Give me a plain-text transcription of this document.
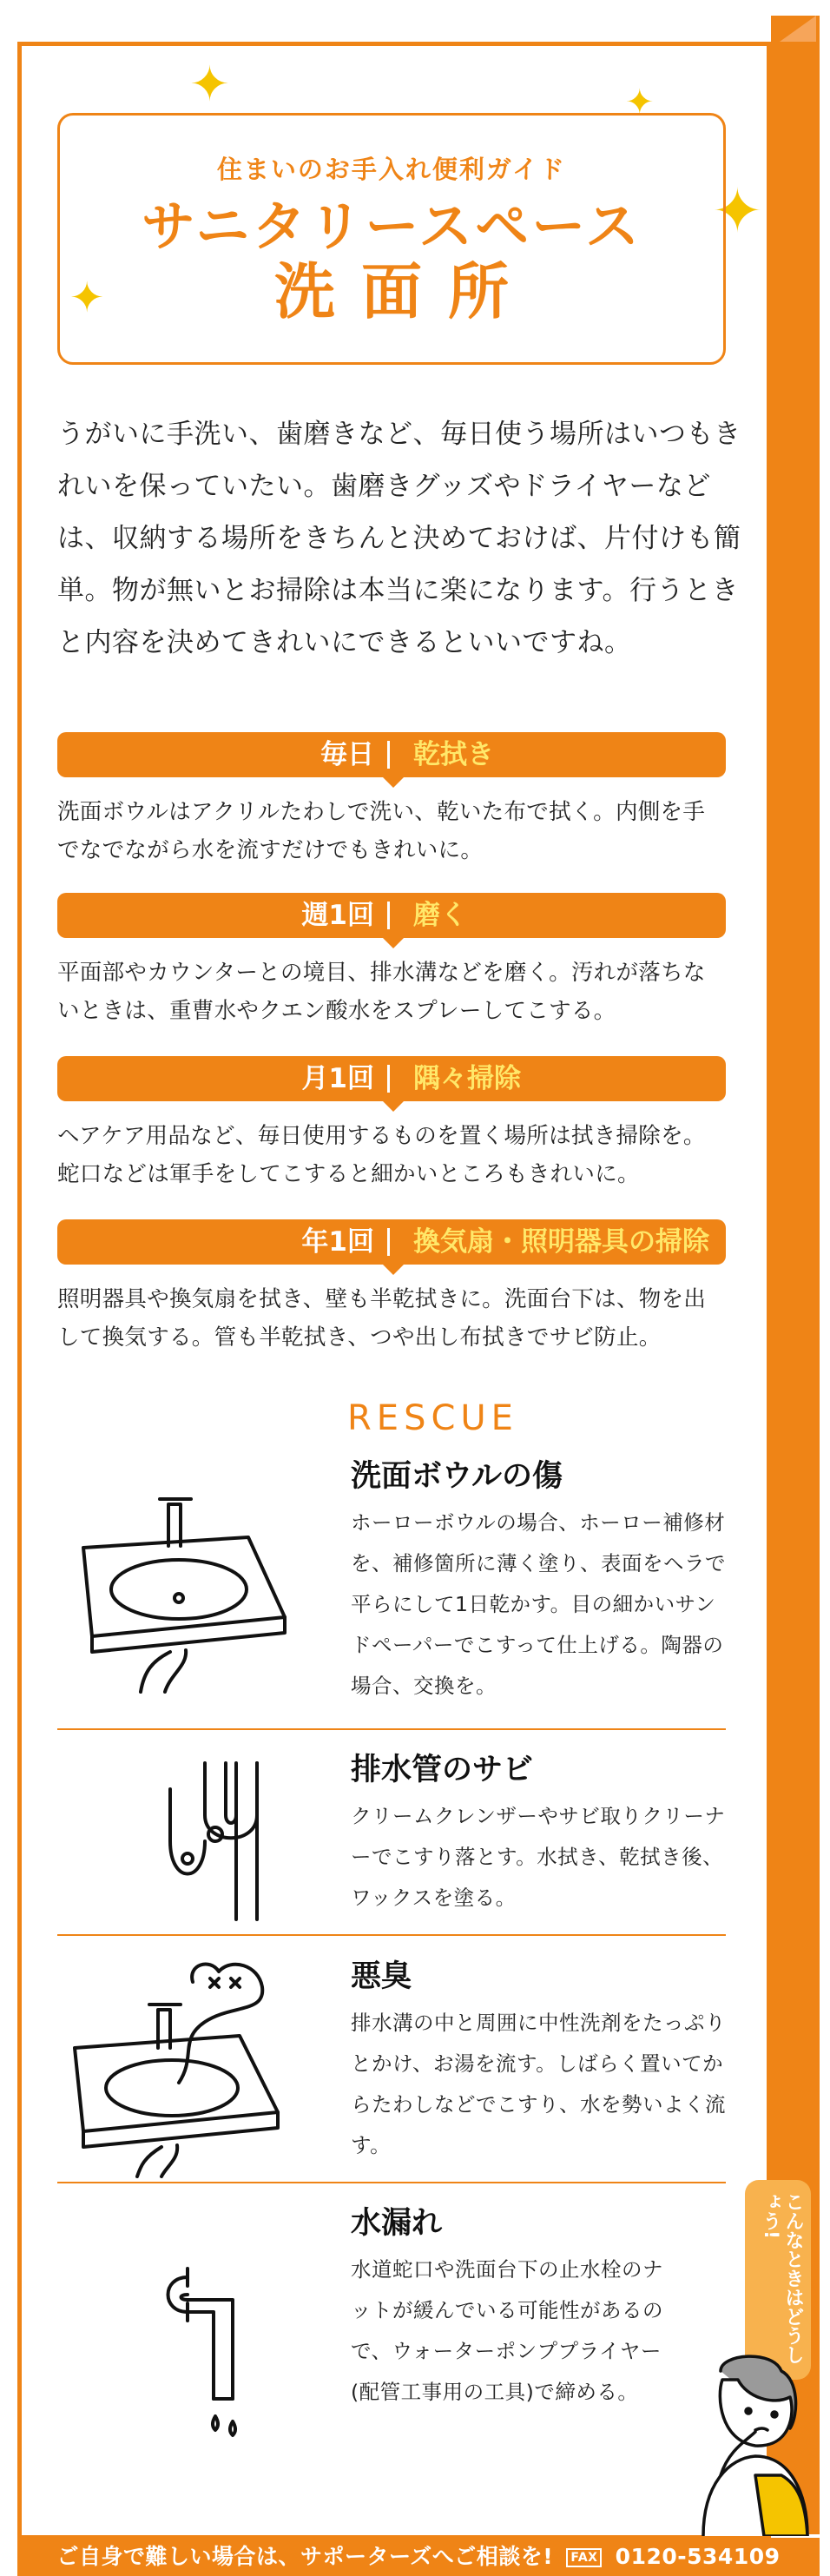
✦
✦
✦
✦
住まいのお手入れ便利ガイド
サニタリースペース
洗面所
うがいに手洗い、歯磨きなど、毎日使う場所はいつもきれいを保っていたい。歯磨きグッズやドライヤーなどは、収納する場所をきちんと決めておけば、片付けも簡単。物が無いとお掃除は本当に楽になります。行うときと内容を決めてきれいにできるといいですね。
毎日 乾拭き
洗面ボウルはアクリルたわしで洗い、乾いた布で拭く。内側を手でなでながら水を流すだけでもきれいに。
週1回 磨く
平面部やカウンターとの境目、排水溝などを磨く。汚れが落ちないときは、重曹水やクエン酸水をスプレーしてこする。
月1回 隅々掃除
ヘアケア用品など、毎日使用するものを置く場所は拭き掃除を。蛇口などは軍手をしてこすると細かいところもきれいに。
年1回 換気扇・照明器具の掃除
照明器具や換気扇を拭き、壁も半乾拭きに。洗面台下は、物を出して換気する。管も半乾拭き、つや出し布拭きでサビ防止。
RESCUE
洗面ボウルの傷
ホーローボウルの場合、ホーロー補修材を、補修箇所に薄く塗り、表面をヘラで平らにして1日乾かす。目の細かいサンドペーパーでこすって仕上げる。陶器の場合、交換を。
排水管のサビ
クリームクレンザーやサビ取りクリーナーでこすり落とす。水拭き、乾拭き後、ワックスを塗る。
悪臭
排水溝の中と周囲に中性洗剤をたっぷりとかけ、お湯を流す。しばらく置いてからたわしなどでこすり、水を勢いよく流す。
水漏れ
水道蛇口や洗面台下の止水栓のナットが緩んでいる可能性があるので、ウォーターポンププライヤー(配管工事用の工具)で締める。
こんなときはどうしょう!
ご自身で難しい場合は、サポーターズへご相談を! FAX 0120-534109
